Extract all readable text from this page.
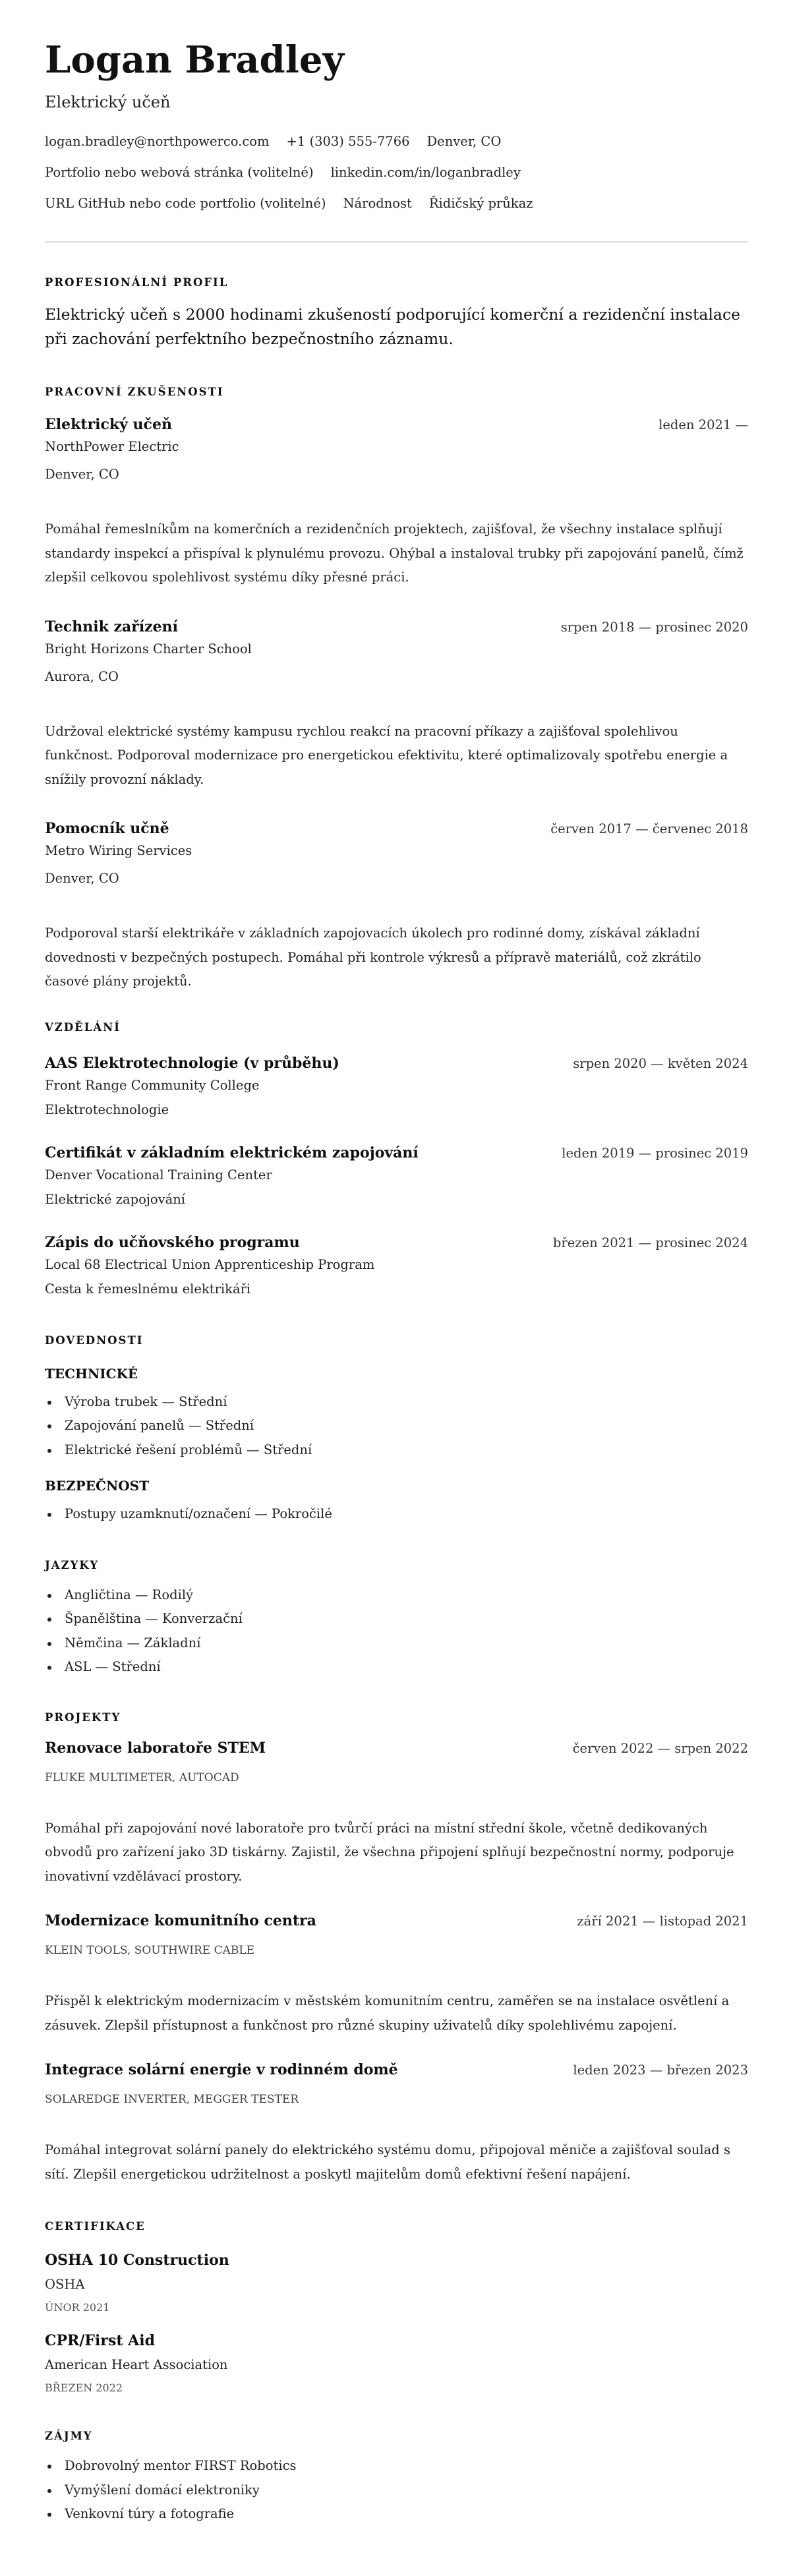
Logan Bradley
Elektrický učeň
logan.bradley@northpowerco.com +1 (303) 555-7766 Denver, CO
Portfolio nebo webová stránka (volitelné) linkedin.com/in/loganbradley
URL GitHub nebo code portfolio (volitelné) Národnost Řidičský průkaz
PROFESIONÁLNÍ PROFIL
Elektrický učeň s 2000 hodinami zkušeností podporující komerční a rezidenční instalace při zachování perfektního bezpečnostního záznamu.
PRACOVNÍ ZKUŠENOSTI
Elektrický učeň	leden 2021 —
NorthPower Electric
Denver, CO
Pomáhal řemeslníkům na komerčních a rezidenčních projektech, zajišťoval, že všechny instalace splňují standardy inspekcí a přispíval k plynulému provozu. Ohýbal a instaloval trubky při zapojování panelů, čímž zlepšil celkovou spolehlivost systému díky přesné práci.
Technik zařízení	srpen 2018 — prosinec 2020
Bright Horizons Charter School
Aurora, CO
Udržoval elektrické systémy kampusu rychlou reakcí na pracovní příkazy a zajišťoval spolehlivou funkčnost. Podporoval modernizace pro energetickou efektivitu, které optimalizovaly spotřebu energie a snížily provozní náklady.
Pomocník učně	červen 2017 — červenec 2018
Metro Wiring Services
Denver, CO
Podporoval starší elektrikáře v základních zapojovacích úkolech pro rodinné domy, získával základní dovednosti v bezpečných postupech. Pomáhal při kontrole výkresů a přípravě materiálů, což zkrátilo časové plány projektů.
VZDĚLÁNÍ
AAS Elektrotechnologie (v průběhu)	srpen 2020 — květen 2024
Front Range Community College
Elektrotechnologie
Certifikát v základním elektrickém zapojování	leden 2019 — prosinec 2019
Denver Vocational Training Center
Elektrické zapojování
Zápis do učňovského programu	březen 2021 — prosinec 2024
Local 68 Electrical Union Apprenticeship Program
Cesta k řemeslnému elektrikáři
DOVEDNOSTI
TECHNICKÉ
Výroba trubek — Střední
Zapojování panelů — Střední
Elektrické řešení problémů — Střední
BEZPEČNOST
Postupy uzamknutí/označení — Pokročilé
JAZYKY
Angličtina — Rodilý
Španělština — Konverzační
Němčina — Základní
ASL — Střední
PROJEKTY
Renovace laboratoře STEM	červen 2022 — srpen 2022
FLUKE MULTIMETER, AUTOCAD
Pomáhal při zapojování nové laboratoře pro tvůrčí práci na místní střední škole, včetně dedikovaných obvodů pro zařízení jako 3D tiskárny. Zajistil, že všechna připojení splňují bezpečnostní normy, podporuje inovativní vzdělávací prostory.
Modernizace komunitního centra	září 2021 — listopad 2021
KLEIN TOOLS, SOUTHWIRE CABLE
Přispěl k elektrickým modernizacím v městském komunitním centru, zaměřen se na instalace osvětlení a zásuvek. Zlepšil přístupnost a funkčnost pro různé skupiny uživatelů díky spolehlivému zapojení.
Integrace solární energie v rodinném domě	leden 2023 — březen 2023
SOLAREDGE INVERTER, MEGGER TESTER
Pomáhal integrovat solární panely do elektrického systému domu, připojoval měniče a zajišťoval soulad s sítí. Zlepšil energetickou udržitelnost a poskytl majitelům domů efektivní řešení napájení.
CERTIFIKACE
OSHA 10 Construction
OSHA
ÚNOR 2021
CPR/First Aid
American Heart Association
BŘEZEN 2022
ZÁJMY
Dobrovolný mentor FIRST Robotics
Vymýšlení domácí elektroniky
Venkovní túry a fotografie
